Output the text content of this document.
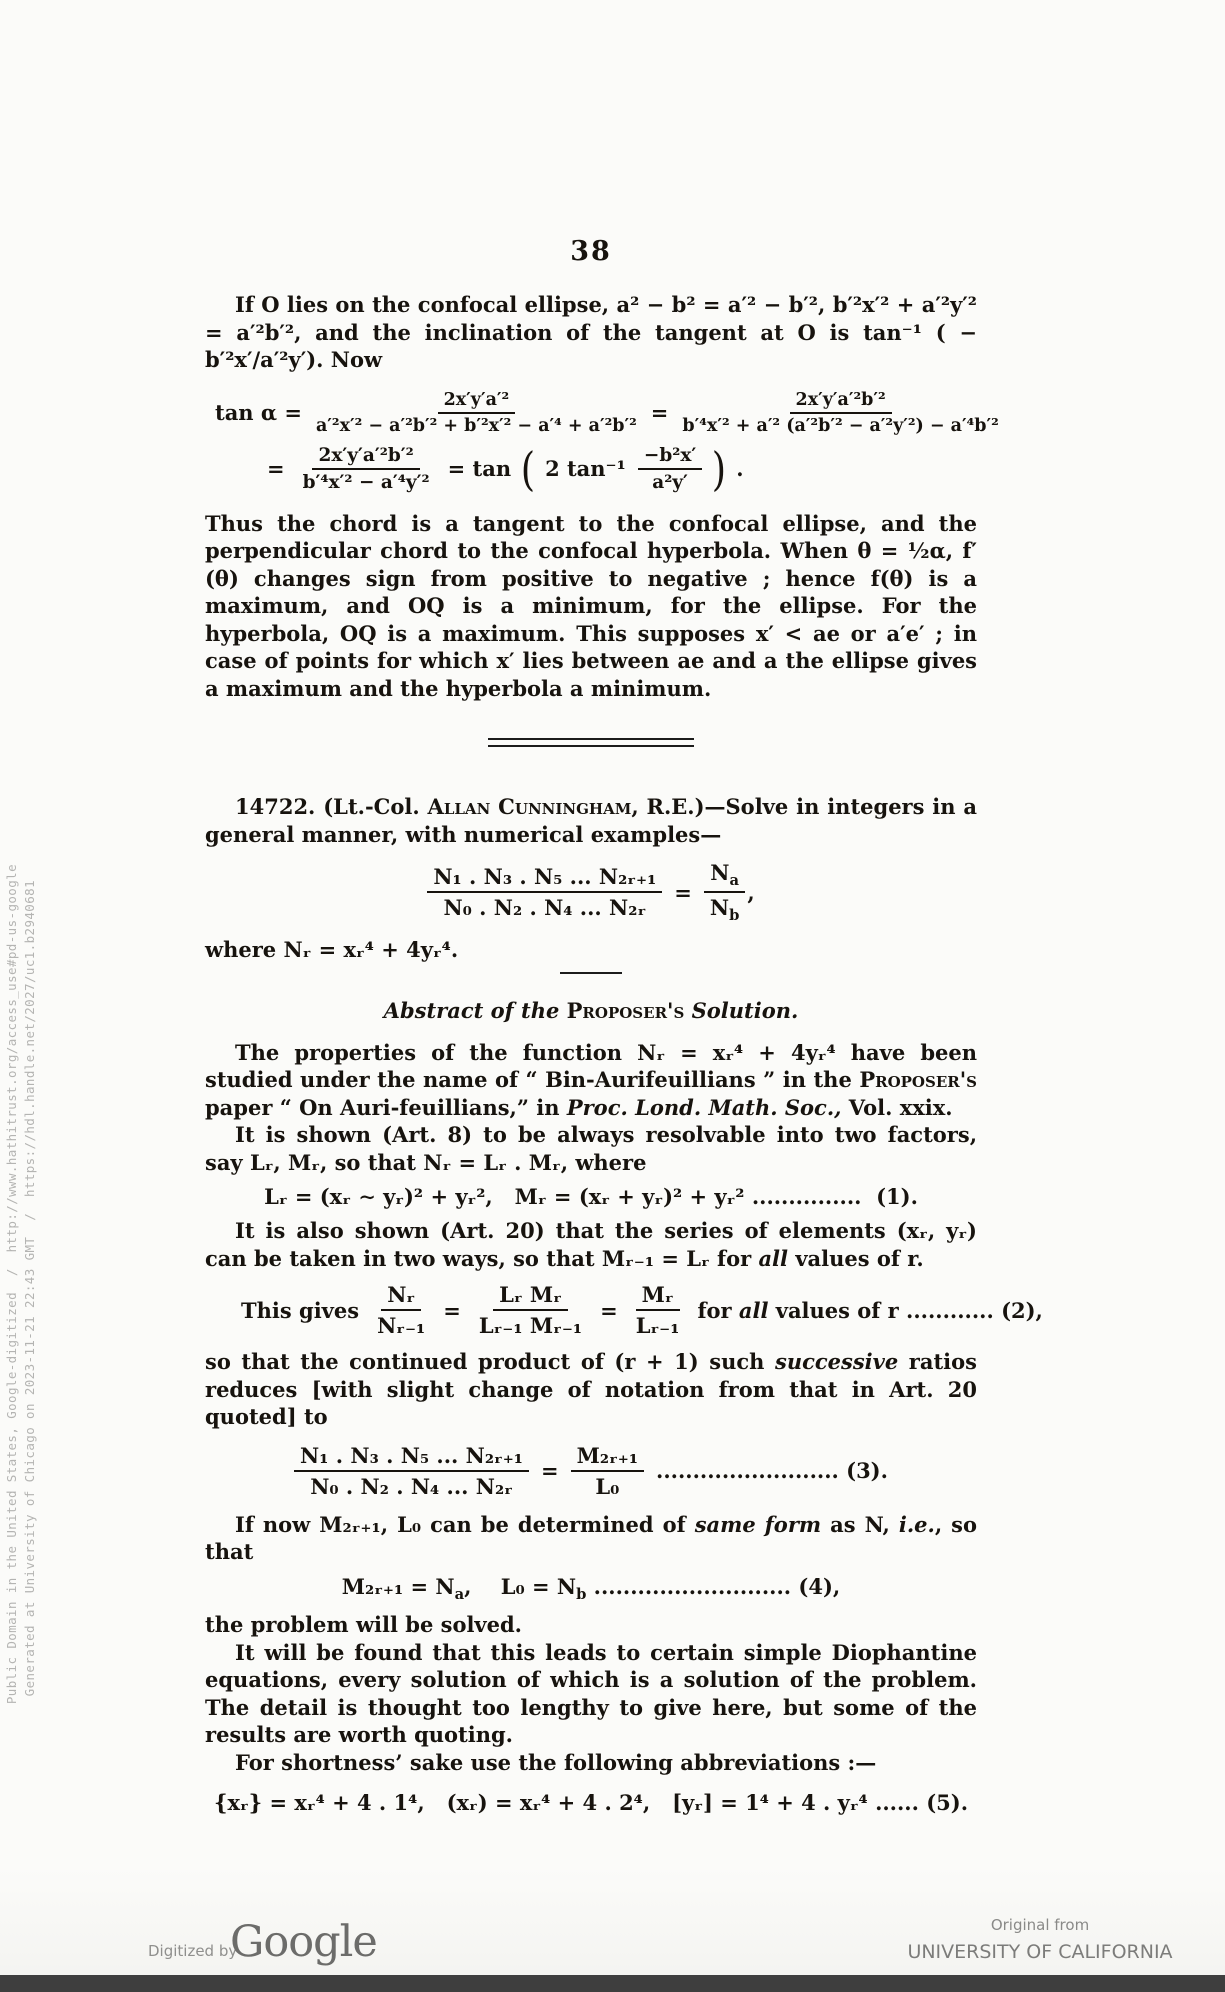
Public Domain in the United States, Google-digitized  /  http://www.hathitrust.org/access_use#pd-us-google Generated at University of Chicago on 2023-11-21 22:43 GMT  /  https://hdl.handle.net/2027/uc1.b2940681
38

If O lies on the confocal ellipse, a² − b² = a′² − b′², b′²x′² + a′²y′² = a′²b′², and the inclination of the tangent at O is tan⁻¹ ( − b′²x′/a′²y′). Now

$\tan \alpha = \frac{\text{2x′y′a′²}}{\text{a′²x′² − a′²b′² + b′²x′² − a′⁴ + a′²b′²}} = \frac{\text{2x′y′a′²b′²}}{\text{b′⁴x′² + a′² (a′²b′² − a′²y′²) − a′⁴b′²}}$
= $\frac{\text{2x′y′a′²b′²}}{\text{b′⁴x′² − a′⁴y′²}} = \tan$ ( 2 tan⁻¹
−b²x′
a²y′ ) .

Thus the chord is a tangent to the confocal ellipse, and the perpendicular chord to the confocal hyperbola. When θ = ½α, f′(θ) changes sign from positive to negative ; hence f(θ) is a maximum, and OQ is a minimum, for the ellipse. For the hyperbola, OQ is a maximum. This supposes x′ < ae or a′e′ ; in case of points for which x′ lies between ae and a the ellipse gives a maximum and the hyperbola a minimum.

14722. (Lt.-Col. Allan Cunningham, R.E.)—Solve in integers in a general manner, with numerical examples—

$\frac{\text{N₁ . N₃ . N₅ ... N₂ᵣ₊₁}}{\text{N₀ . N₂ . N₄ ... N₂ᵣ}} = \frac{N_a}{N_b}$ ,

where Nᵣ = xᵣ⁴ + 4yᵣ⁴.

Abstract of the Proposer's Solution.

The properties of the function Nᵣ = xᵣ⁴ + 4yᵣ⁴ have been studied under the name of “ Bin-Aurifeuillians ” in the Proposer's paper “ On Auri-feuillians,” in Proc. Lond. Math. Soc., Vol. xxix.

It is shown (Art. 8) to be always resolvable into two factors, say Lᵣ, Mᵣ, so that Nᵣ = Lᵣ . Mᵣ, where

Lᵣ = (xᵣ ∼ yᵣ)² + yᵣ²,   Mᵣ = (xᵣ + yᵣ)² + yᵣ² ...............  (1).

It is also shown (Art. 20) that the series of elements (xᵣ, yᵣ) can be taken in two ways, so that Mᵣ₋₁ = Lᵣ for all values of r.

This gives $\frac{\text{Nᵣ}}{\text{Nᵣ₋₁}} = \frac{\text{Lᵣ Mᵣ}}{\text{Lᵣ₋₁ Mᵣ₋₁}} = \frac{\text{Mᵣ}}{\text{Lᵣ₋₁}}$ for all values of r ............ (2),

so that the continued product of (r + 1) such successive ratios reduces [with slight change of notation from that in Art. 20 quoted] to

$\frac{\text{N₁ . N₃ . N₅ ... N₂ᵣ₊₁}}{\text{N₀ . N₂ . N₄ ... N₂ᵣ}} = \frac{\text{M₂ᵣ₊₁}}{\text{L₀}}$ ......................... (3).

If now M₂ᵣ₊₁, L₀ can be determined of same form as N, i.e., so that

M₂ᵣ₊₁ = $N_a$,    $L_0 = N_b$ ........................... (4),

the problem will be solved.

It will be found that this leads to certain simple Diophantine equations, every solution of which is a solution of the problem. The detail is thought too lengthy to give here, but some of the results are worth quoting.

For shortness’ sake use the following abbreviations :—

{xᵣ} = xᵣ⁴ + 4 . 1⁴,   (xᵣ) = xᵣ⁴ + 4 . 2⁴,   [yᵣ] = 1⁴ + 4 . yᵣ⁴ ...... (5).
Digitized by
Google	Original from

UNIVERSITY OF CALIFORNIA
